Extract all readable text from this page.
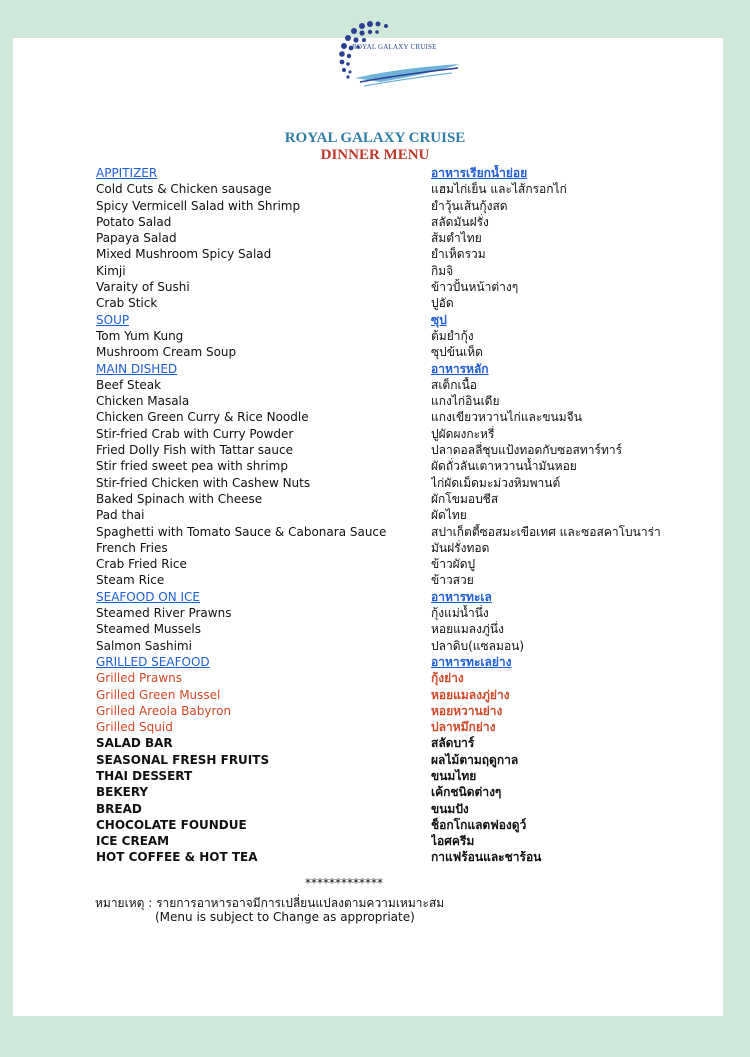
ROYAL GALAXY CRUISE
ROYAL GALAXY CRUISE
DINNER MENU
APPITIZER	อาหารเรียกน้ำย่อย
Cold Cuts & Chicken sausage	แฮมไก่เย็น และไส้กรอกไก่
Spicy Vermicell Salad with Shrimp	ยำวุ้นเส้นกุ้งสด
Potato Salad	สลัดมันฝรั่ง
Papaya Salad	ส้มตำไทย
Mixed Mushroom Spicy Salad	ยำเห็ดรวม
Kimji	กิมจิ
Varaity of Sushi	ข้าวปั้นหน้าต่างๆ
Crab Stick	ปูอัด
SOUP	ซุป
Tom Yum Kung	ต้มยำกุ้ง
Mushroom Cream Soup	ซุปข้นเห็ด
MAIN DISHED	อาหารหลัก
Beef Steak	สเต็กเนื้อ
Chicken Masala	แกงไก่อินเดีย
Chicken Green Curry & Rice Noodle	แกงเขียวหวานไก่และขนมจีน
Stir-fried Crab with Curry Powder	ปูผัดผงกะหรี่
Fried Dolly Fish with Tattar sauce	ปลาดอลลี่ชุบแป้งทอดกับซอสทาร์ทาร์
Stir fried sweet pea with shrimp	ผัดถั่วลันเตาหวานน้ำมันหอย
Stir-fried Chicken with Cashew Nuts	ไก่ผัดเม็ดมะม่วงหิมพานต์
Baked Spinach with Cheese	ผักโขมอบชีส
Pad thai	ผัดไทย
Spaghetti with Tomato Sauce & Cabonara Sauce	สปาเก็ตตี้ซอสมะเขือเทศ และซอสคาโบนาร่า
French Fries	มันฝรั่งทอด
Crab Fried Rice	ข้าวผัดปู
Steam Rice	ข้าวสวย
SEAFOOD ON ICE	อาหารทะเล
Steamed River Prawns	กุ้งแม่น้ำนึ่ง
Steamed Mussels	หอยแมลงภู่นึ่ง
Salmon Sashimi	ปลาดิบ(แซลมอน)
GRILLED SEAFOOD	อาหารทะเลย่าง
Grilled Prawns	กุ้งย่าง
Grilled Green Mussel	หอยแมลงภู่ย่าง
Grilled Areola Babyron	หอยหวานย่าง
Grilled Squid	ปลาหมึกย่าง
SALAD BAR	สลัดบาร์
SEASONAL FRESH FRUITS	ผลไม้ตามฤดูกาล
THAI DESSERT	ขนมไทย
BEKERY	เค้กชนิดต่างๆ
BREAD	ขนมปัง
CHOCOLATE FOUNDUE	ช็อกโกแลตฟองดูว์
ICE CREAM	ไอศครีม
HOT COFFEE & HOT TEA	กาแฟร้อนและชาร้อน
*************
หมายเหตุ : รายการอาหารอาจมีการเปลี่ยนแปลงตามความเหมาะสม
(Menu is subject to Change as appropriate)
